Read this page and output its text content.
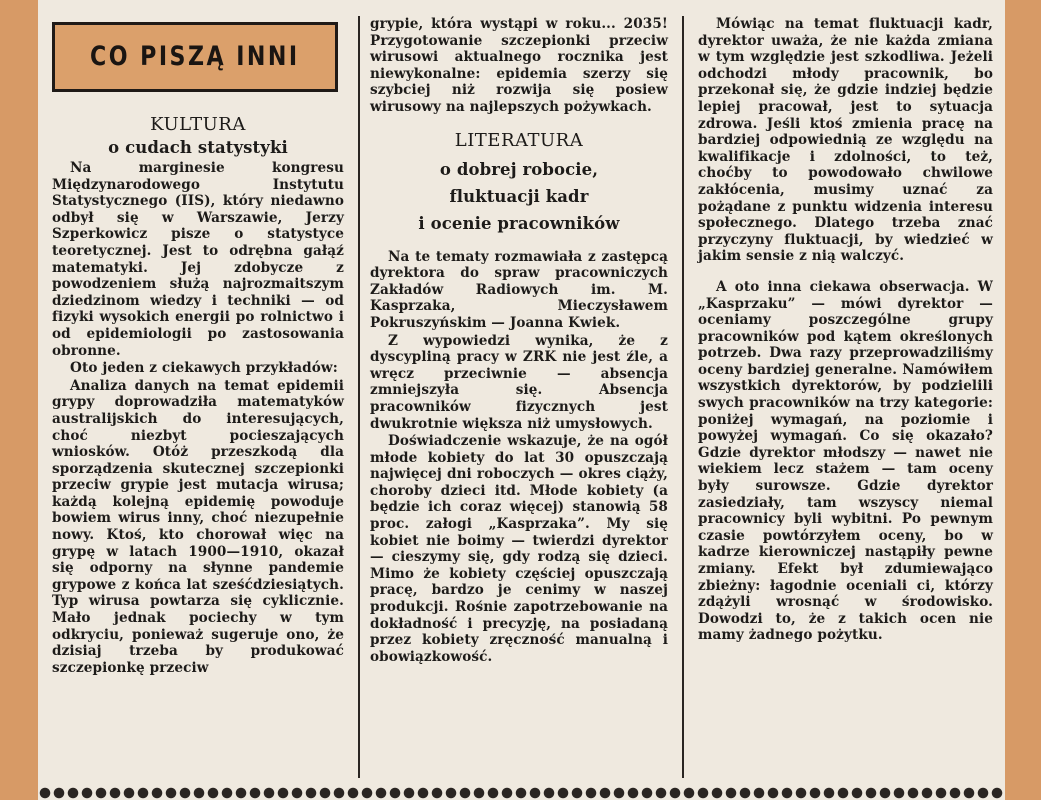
CO PISZĄ INNI

KULTURA

o cudach statystyki

Na marginesie kongresu Międzynarodowego Instytutu Statystycznego (IIS), który niedawno odbył się w Warszawie, Jerzy Szperkowicz pisze o statystyce teoretycznej. Jest to odrębna gałąź matematyki. Jej zdobycze z powodzeniem służą najrozmaitszym dziedzinom wiedzy i techniki — od fizyki wysokich energii po rolnictwo i od epidemiologii po zastosowania obronne.

Oto jeden z ciekawych przykładów:

Analiza danych na temat epidemii grypy doprowadziła matematyków australijskich do interesujących, choć niezbyt pocieszających wniosków. Otóż przeszkodą dla sporządzenia skutecznej szczepionki przeciw grypie jest mutacja wirusa; każdą kolejną epidemię powoduje bowiem wirus inny, choć niezupełnie nowy. Ktoś, kto chorował więc na grypę w latach 1900—1910, okazał się odporny na słynne pandemie grypowe z końca lat sześćdziesiątych. Typ wirusa powtarza się cyklicznie. Mało jednak pociechy w tym odkryciu, ponieważ sugeruje ono, że dzisiaj trzeba by produkować szczepionkę przeciw

grypie, która wystąpi w roku... 2035! Przygotowanie szczepionki przeciw wirusowi aktualnego rocznika jest niewykonalne: epidemia szerzy się szybciej niż rozwija się posiew wirusowy na najlepszych pożywkach.

LITERATURA

o dobrej robocie,

fluktuacji kadr

i ocenie pracowników

Na te tematy rozmawiała z zastępcą dyrektora do spraw pracowniczych Zakładów Radiowych im. M. Kasprzaka, Mieczysławem Pokruszyńskim — Joanna Kwiek.

Z wypowiedzi wynika, że z dyscypliną pracy w ZRK nie jest źle, a wręcz przeciwnie — absencja zmniejszyła się. Absencja pracowników fizycznych jest dwukrotnie większa niż umysłowych.

Doświadczenie wskazuje, że na ogół młode kobiety do lat 30 opuszczają najwięcej dni roboczych — okres ciąży, choroby dzieci itd. Młode kobiety (a będzie ich coraz więcej) stanowią 58 proc. załogi „Kasprzaka”. My się kobiet nie boimy — twierdzi dyrektor — cieszymy się, gdy rodzą się dzieci. Mimo że kobiety częściej opuszczają pracę, bardzo je cenimy w naszej produkcji. Rośnie zapotrzebowanie na dokładność i precyzję, na posiadaną przez kobiety zręczność manualną i obowiązkowość.

Mówiąc na temat fluktuacji kadr, dyrektor uważa, że nie każda zmiana w tym względzie jest szkodliwa. Jeżeli odchodzi młody pracownik, bo przekonał się, że gdzie indziej będzie lepiej pracował, jest to sytuacja zdrowa. Jeśli ktoś zmienia pracę na bardziej odpowiednią ze względu na kwalifikacje i zdolności, to też, choćby to powodowało chwilowe zakłócenia, musimy uznać za pożądane z punktu widzenia interesu społecznego. Dlatego trzeba znać przyczyny fluktuacji, by wiedzieć w jakim sensie z nią walczyć.

A oto inna ciekawa obserwacja. W „Kasprzaku” — mówi dyrektor — oceniamy poszczególne grupy pracowników pod kątem określonych potrzeb. Dwa razy przeprowadziliśmy oceny bardziej generalne. Namówiłem wszystkich dyrektorów, by podzielili swych pracowników na trzy kategorie: poniżej wymagań, na poziomie i powyżej wymagań. Co się okazało? Gdzie dyrektor młodszy — nawet nie wiekiem lecz stażem — tam oceny były surowsze. Gdzie dyrektor zasiedziały, tam wszyscy niemal pracownicy byli wybitni. Po pewnym czasie powtórzyłem oceny, bo w kadrze kierowniczej nastąpiły pewne zmiany. Efekt był zdumiewająco zbieżny: łagodnie oceniali ci, którzy zdążyli wrosnąć w środowisko. Dowodzi to, że z takich ocen nie mamy żadnego pożytku.
